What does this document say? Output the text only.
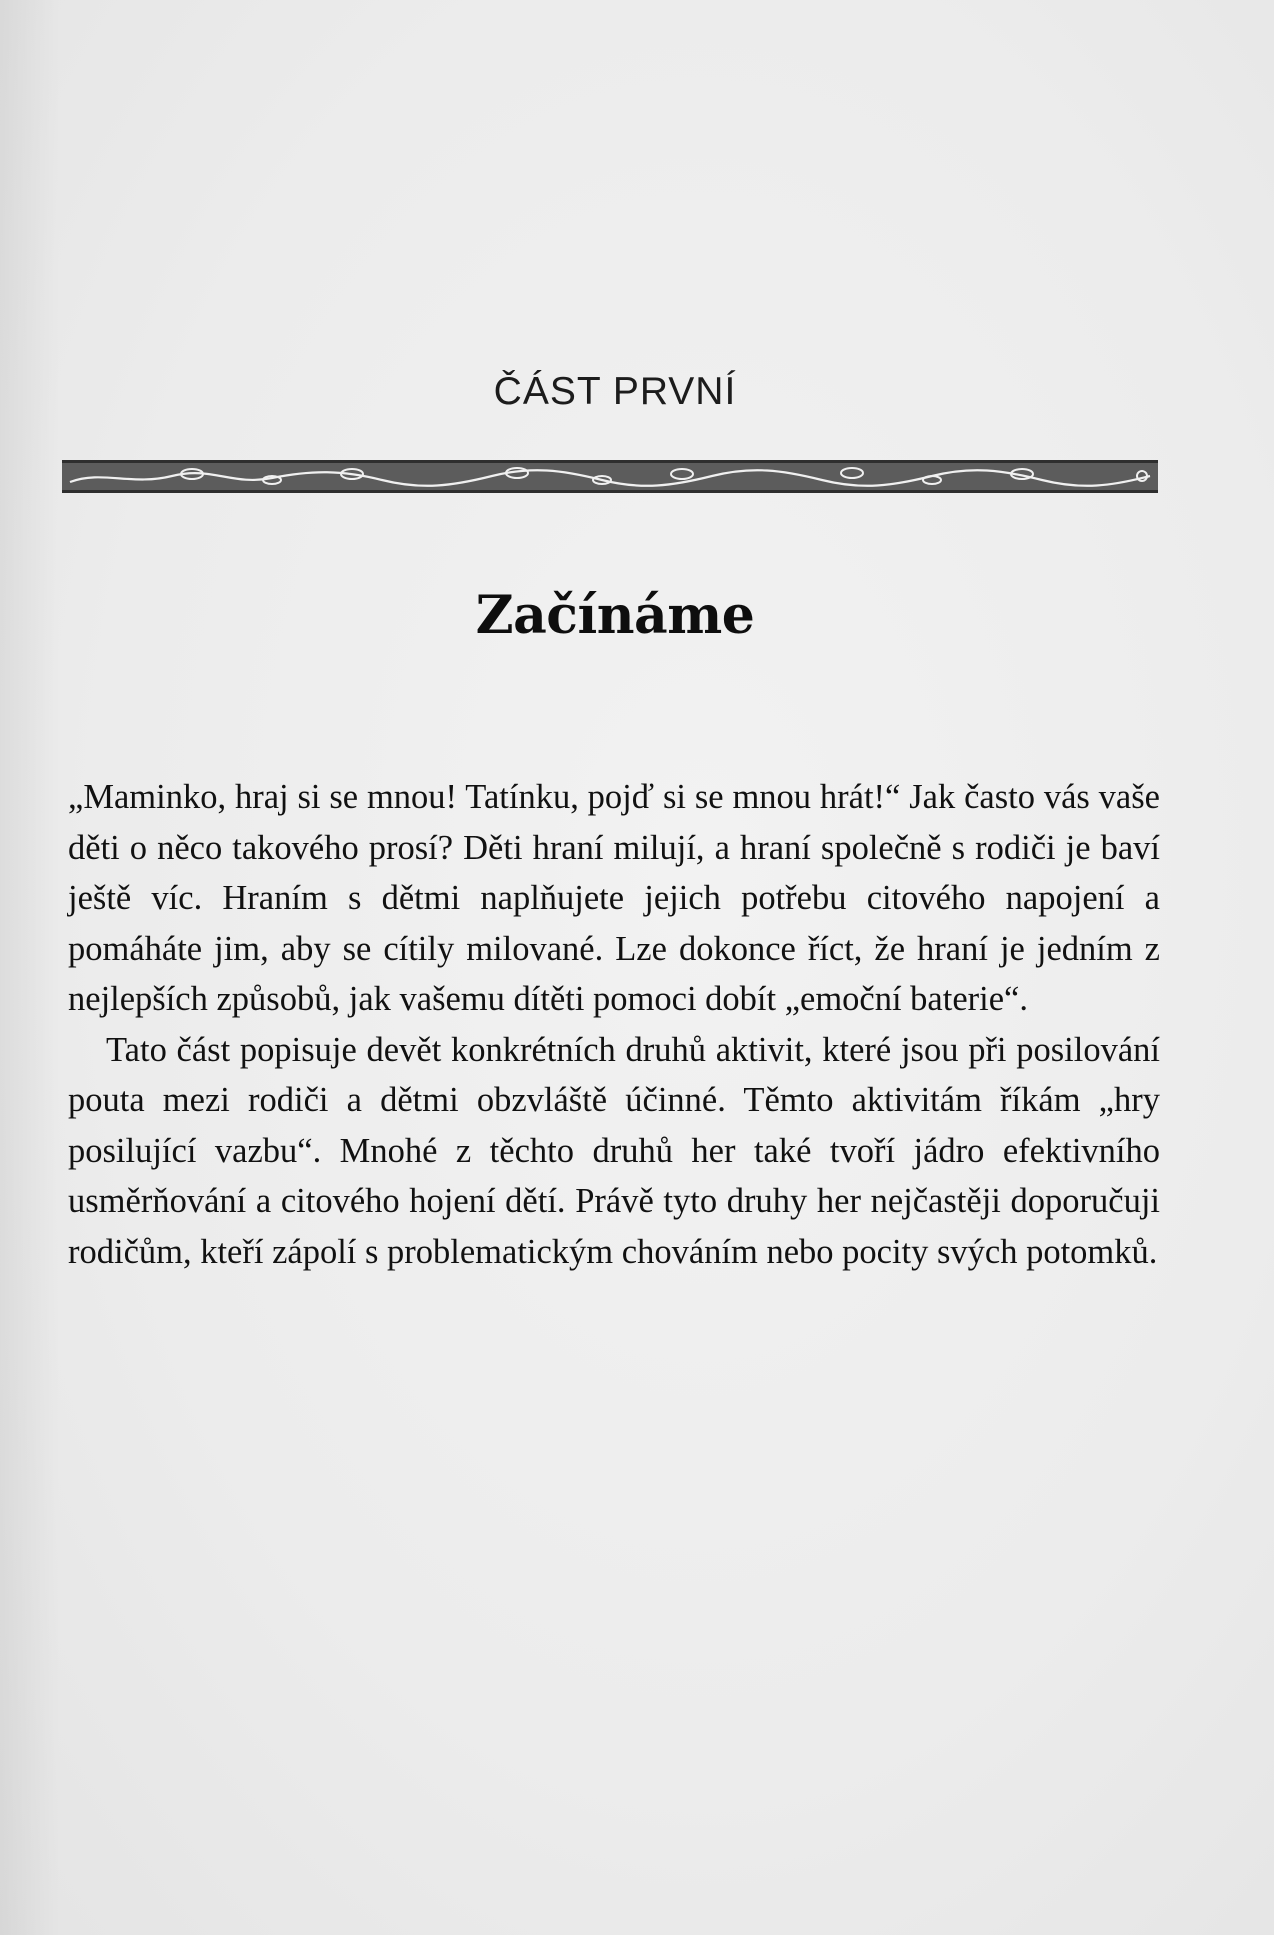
ČÁST PRVNÍ
Začínáme

„Maminko, hraj si se mnou! Tatínku, pojď si se mnou hrát!“ Jak často vás vaše děti o něco takového prosí? Děti hraní milují, a hraní společně s rodiči je baví ještě víc. Hraním s dětmi naplňujete jejich potřebu citového napojení a pomáháte jim, aby se cítily milované. Lze dokonce říct, že hraní je jedním z nejlepších způsobů, jak vašemu dítěti pomoci dobít „emoční baterie“.

Tato část popisuje devět konkrétních druhů aktivit, které jsou při posilování pouta mezi rodiči a dětmi obzvláště účinné. Těmto aktivitám říkám „hry posilující vazbu“. Mnohé z těchto druhů her také tvoří jádro efektivního usměrňování a citového hojení dětí. Právě tyto druhy her nejčastěji doporučuji rodičům, kteří zápolí s problematickým chováním nebo pocity svých potomků.
